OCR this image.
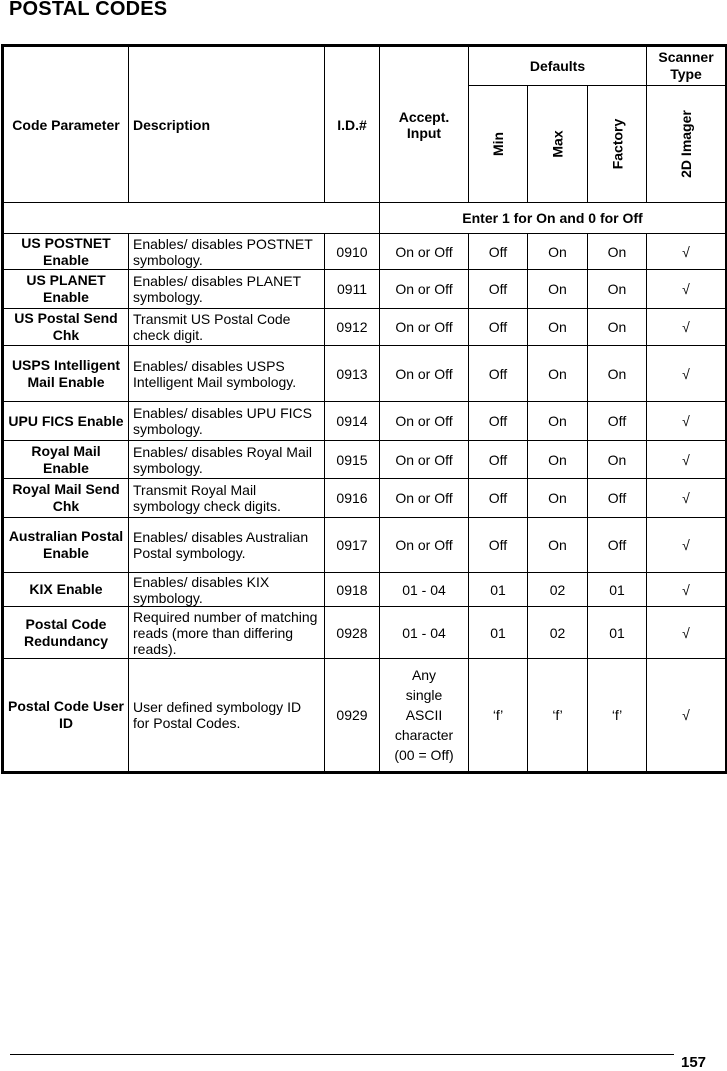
POSTAL CODES
Code Parameter	Description	I.D.#	Accept. Input	Defaults			Scanner Type

				Min	Max	Factory	2D Imager

			Enter 1 for On and 0 for Off				
US POSTNET Enable	Enables/ disables POSTNET symbology.	0910	On or Off	Off	On	On	√
US PLANET Enable	Enables/ disables PLANET symbology.	0911	On or Off	Off	On	On	√
US Postal Send Chk	Transmit US Postal Code check digit.	0912	On or Off	Off	On	On	√
USPS Intelligent Mail Enable	Enables/ disables USPS Intelligent Mail symbology.	0913	On or Off	Off	On	On	√
UPU FICS Enable	Enables/ disables UPU FICS symbology.	0914	On or Off	Off	On	Off	√
Royal Mail Enable	Enables/ disables Royal Mail symbology.	0915	On or Off	Off	On	On	√
Royal Mail Send Chk	Transmit Royal Mail symbology check digits.	0916	On or Off	Off	On	Off	√
Australian Postal Enable	Enables/ disables Australian Postal symbology.	0917	On or Off	Off	On	Off	√
KIX Enable	Enables/ disables KIX symbology.	0918	01 - 04	01	02	01	√
Postal Code Redundancy	Required number of matching reads (more than differing reads).	0928	01 - 04	01	02	01	√
Postal Code User ID	User defined symbology ID for Postal Codes.	0929	Any
single
ASCII
character
(00 = Off)	‘f’	‘f’	‘f’	√
157
